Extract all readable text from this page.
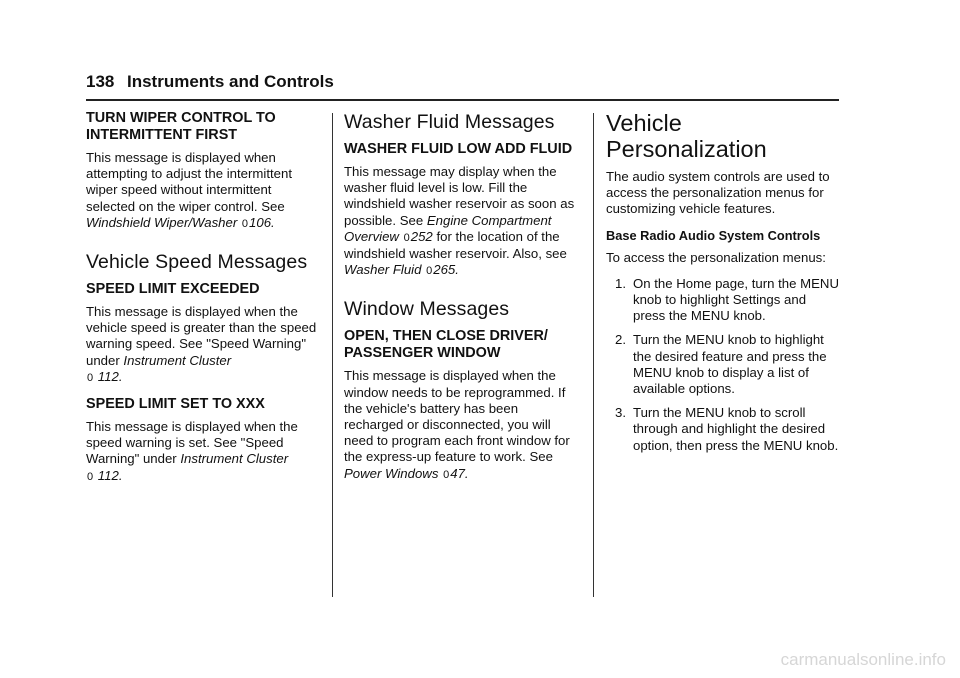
138 Instruments and Controls
TURN WIPER CONTROL TO INTERMITTENT FIRST
This message is displayed when attempting to adjust the intermittent wiper speed without intermittent selected on the wiper control. See
Windshield Wiper/Washer 0106.
Vehicle Speed Messages
SPEED LIMIT EXCEEDED
This message is displayed when the vehicle speed is greater than the speed warning speed. See "Speed Warning" under Instrument Cluster
0 112.
SPEED LIMIT SET TO XXX
This message is displayed when the speed warning is set. See "Speed Warning" under Instrument Cluster
0 112.
Washer Fluid Messages
WASHER FLUID LOW ADD FLUID
This message may display when the washer fluid level is low. Fill the windshield washer reservoir as soon as possible. See Engine Compartment Overview 0252 for the location of the windshield washer reservoir. Also, see Washer Fluid 0265.
Window Messages
OPEN, THEN CLOSE DRIVER/ PASSENGER WINDOW
This message is displayed when the window needs to be reprogrammed. If the vehicle's battery has been recharged or disconnected, you will need to program each front window for the express-up feature to work. See Power Windows 047.
Vehicle Personalization
The audio system controls are used to access the personalization menus for customizing vehicle features.
Base Radio Audio System Controls
To access the personalization menus:
1. On the Home page, turn the MENU knob to highlight Settings and press the MENU knob.
2. Turn the MENU knob to highlight the desired feature and press the MENU knob to display a list of available options.
3. Turn the MENU knob to scroll through and highlight the desired option, then press the MENU knob.
carmanualsonline.info
